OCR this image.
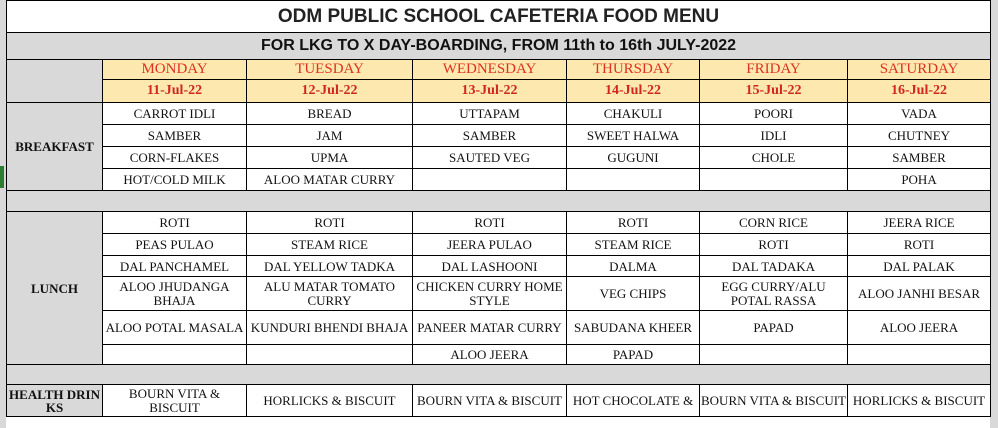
ODM PUBLIC SCHOOL CAFETERIA FOOD MENU						
FOR LKG TO X DAY-BOARDING, FROM 11th to 16th JULY-2022						
	MONDAY	TUESDAY	WEDNESDAY	THURSDAY	FRIDAY	SATURDAY
	11-Jul-22	12-Jul-22	13-Jul-22	14-Jul-22	15-Jul-22	16-Jul-22
BREAKFAST	CARROT IDLI	BREAD	UTTAPAM	CHAKULI	POORI	VADA
	SAMBER	JAM	SAMBER	SWEET HALWA	IDLI	CHUTNEY
	CORN-FLAKES	UPMA	SAUTED VEG	GUGUNI	CHOLE	SAMBER
	HOT/COLD MILK	ALOO MATAR CURRY				POHA

LUNCH	ROTI	ROTI	ROTI	ROTI	CORN RICE	JEERA RICE
	PEAS PULAO	STEAM RICE	JEERA PULAO	STEAM RICE	ROTI	ROTI
	DAL PANCHAMEL	DAL YELLOW TADKA	DAL LASHOONI	DALMA	DAL TADAKA	DAL PALAK
	ALOO JHUDANGA BHAJA	ALU MATAR TOMATO CURRY	CHICKEN CURRY HOME STYLE	VEG CHIPS	EGG CURRY/ALU POTAL RASSA	ALOO JANHI BESAR
	ALOO POTAL MASALA	KUNDURI BHENDI BHAJA	PANEER MATAR CURRY	SABUDANA KHEER	PAPAD	ALOO JEERA
			ALOO JEERA	PAPAD		

HEALTH DRINKS	BOURN VITA & BISCUIT	HORLICKS & BISCUIT	BOURN VITA & BISCUIT	HOT CHOCOLATE &	BOURN VITA & BISCUIT	HORLICKS & BISCUIT
